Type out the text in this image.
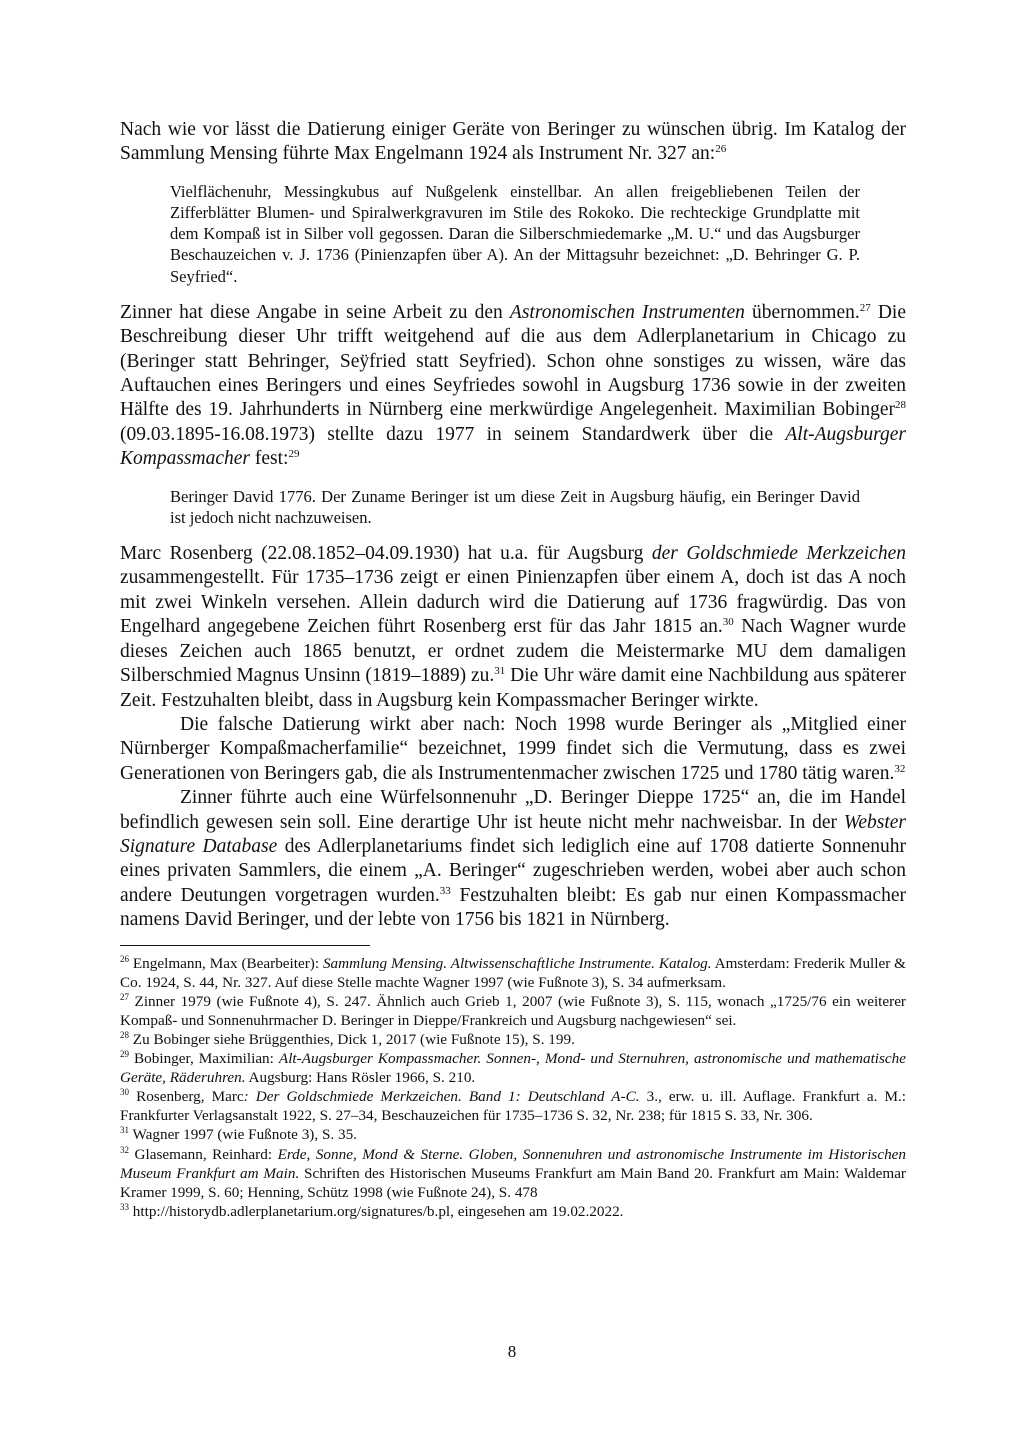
Nach wie vor lässt die Datierung einiger Geräte von Beringer zu wünschen übrig. Im Katalog der Sammlung Mensing führte Max Engelmann 1924 als Instrument Nr. 327 an:$^{26}$

Vielflächenuhr, Messingkubus auf Nußgelenk einstellbar. An allen freigebliebenen Teilen der Zifferblätter Blumen- und Spiralwerkgravuren im Stile des Rokoko. Die rechteckige Grundplatte mit dem Kompaß ist in Silber voll gegossen. Daran die Silberschmiedemarke „M. U.“ und das Augsburger Beschauzeichen v. J. 1736 (Pinienzapfen über A). An der Mittagsuhr bezeichnet: „D. Behringer G. P. Seyfried“.

Zinner hat diese Angabe in seine Arbeit zu den Astronomischen Instrumenten übernommen.$^{27}$ Die Beschreibung dieser Uhr trifft weitgehend auf die aus dem Adlerplanetarium in Chicago zu (Beringer statt Behringer, Seÿfried statt Seyfried). Schon ohne sonstiges zu wissen, wäre das Auftauchen eines Beringers und eines Seyfriedes sowohl in Augsburg 1736 sowie in der zweiten Hälfte des 19. Jahrhunderts in Nürnberg eine merkwürdige Angelegenheit. Maximilian Bobinger$^{28}$ (09.03.1895-16.08.1973) stellte dazu 1977 in seinem Standardwerk über die Alt-Augsburger Kompassmacher fest:$^{29}$

Beringer David 1776. Der Zuname Beringer ist um diese Zeit in Augsburg häufig, ein Beringer David ist jedoch nicht nachzuweisen.

Marc Rosenberg (22.08.1852–04.09.1930) hat u.a. für Augsburg der Goldschmiede Merkzeichen zusammengestellt. Für 1735–1736 zeigt er einen Pinienzapfen über einem A, doch ist das A noch mit zwei Winkeln versehen. Allein dadurch wird die Datierung auf 1736 fragwürdig. Das von Engelhard angegebene Zeichen führt Rosenberg erst für das Jahr 1815 an.$^{30}$ Nach Wagner wurde dieses Zeichen auch 1865 benutzt, er ordnet zudem die Meistermarke MU dem damaligen Silberschmied Magnus Unsinn (1819–1889) zu.$^{31}$ Die Uhr wäre damit eine Nachbildung aus späterer Zeit. Festzuhalten bleibt, dass in Augsburg kein Kompassmacher Beringer wirkte.

Die falsche Datierung wirkt aber nach: Noch 1998 wurde Beringer als „Mitglied einer Nürnberger Kompaßmacherfamilie“ bezeichnet, 1999 findet sich die Vermutung, dass es zwei Generationen von Beringers gab, die als Instrumentenmacher zwischen 1725 und 1780 tätig waren.$^{32}$

Zinner führte auch eine Würfelsonnenuhr „D. Beringer Dieppe 1725“ an, die im Handel befindlich gewesen sein soll. Eine derartige Uhr ist heute nicht mehr nachweisbar. In der Webster Signature Database des Adlerplanetariums findet sich lediglich eine auf 1708 datierte Sonnenuhr eines privaten Sammlers, die einem „A. Beringer“ zugeschrieben werden, wobei aber auch schon andere Deutungen vorgetragen wurden.$^{33}$ Festzuhalten bleibt: Es gab nur einen Kompassmacher namens David Beringer, und der lebte von 1756 bis 1821 in Nürnberg.

$^{26}$ Engelmann, Max (Bearbeiter): Sammlung Mensing. Altwissenschaftliche Instrumente. Katalog. Amsterdam: Frederik Muller & Co. 1924, S. 44, Nr. 327. Auf diese Stelle machte Wagner 1997 (wie Fußnote 3), S. 34 aufmerksam.

$^{27}$ Zinner 1979 (wie Fußnote 4), S. 247. Ähnlich auch Grieb 1, 2007 (wie Fußnote 3), S. 115, wonach „1725/76 ein weiterer Kompaß- und Sonnenuhrmacher D. Beringer in Dieppe/Frankreich und Augsburg nachgewiesen“ sei.

$^{28}$ Zu Bobinger siehe Brüggenthies, Dick 1, 2017 (wie Fußnote 15), S. 199.

$^{29}$ Bobinger, Maximilian: Alt-Augsburger Kompassmacher. Sonnen-, Mond- und Sternuhren, astronomische und mathematische Geräte, Räderuhren. Augsburg: Hans Rösler 1966, S. 210.

$^{30}$ Rosenberg, Marc: Der Goldschmiede Merkzeichen. Band 1: Deutschland A-C. 3., erw. u. ill. Auflage. Frankfurt a. M.: Frankfurter Verlagsanstalt 1922, S. 27–34, Beschauzeichen für 1735–1736 S. 32, Nr. 238; für 1815 S. 33, Nr. 306.

$^{31}$ Wagner 1997 (wie Fußnote 3), S. 35.

$^{32}$ Glasemann, Reinhard: Erde, Sonne, Mond & Sterne. Globen, Sonnenuhren und astronomische Instrumente im Historischen Museum Frankfurt am Main. Schriften des Historischen Museums Frankfurt am Main Band 20. Frankfurt am Main: Waldemar Kramer 1999, S. 60; Henning, Schütz 1998 (wie Fußnote 24), S. 478

$^{33}$ http://historydb.adlerplanetarium.org/signatures/b.pl, eingesehen am 19.02.2022.

8
